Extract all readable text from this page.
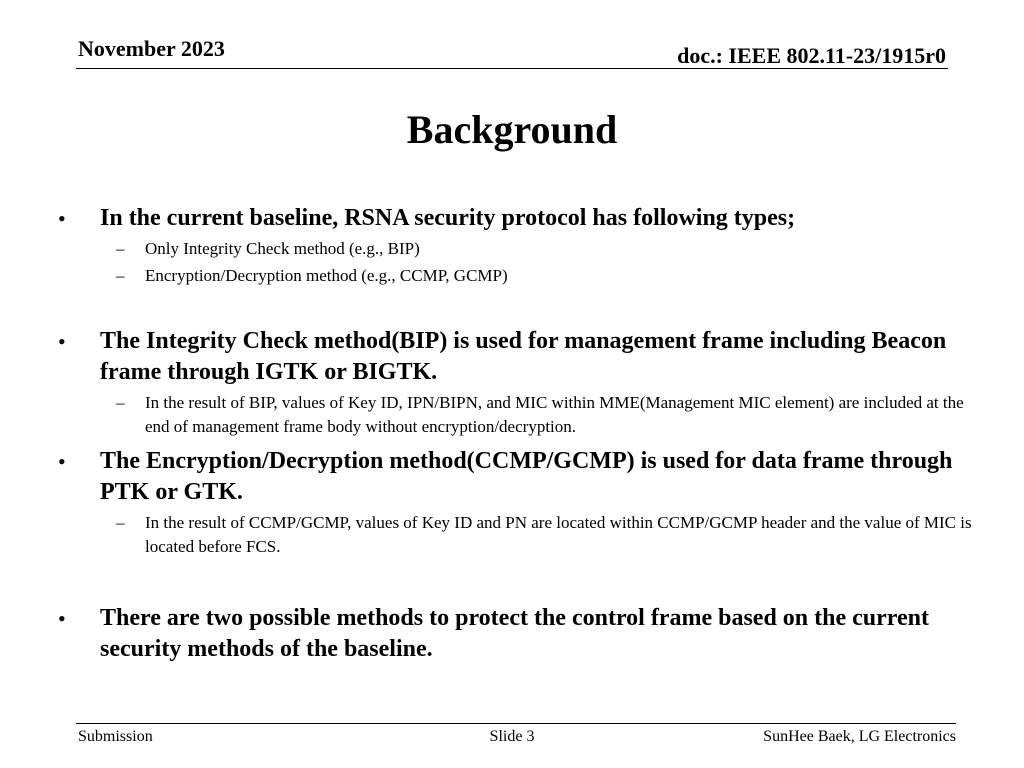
November 2023	doc.: IEEE 802.11-23/1915r0
Background
• In the current baseline, RSNA security protocol has following types;
– Only Integrity Check method (e.g., BIP)
– Encryption/Decryption method (e.g., CCMP, GCMP)
• The Integrity Check method(BIP) is used for management frame including Beacon frame through IGTK or BIGTK.
– In the result of BIP, values of Key ID, IPN/BIPN, and MIC within MME(Management MIC element) are included at the end of management frame body without encryption/decryption.
• The Encryption/Decryption method(CCMP/GCMP) is used for data frame through PTK or GTK.
– In the result of CCMP/GCMP, values of Key ID and PN are located within CCMP/GCMP header and the value of MIC is located before FCS.
• There are two possible methods to protect the control frame based on the current security methods of the baseline.
Submission	Slide 3	SunHee Baek, LG Electronics
